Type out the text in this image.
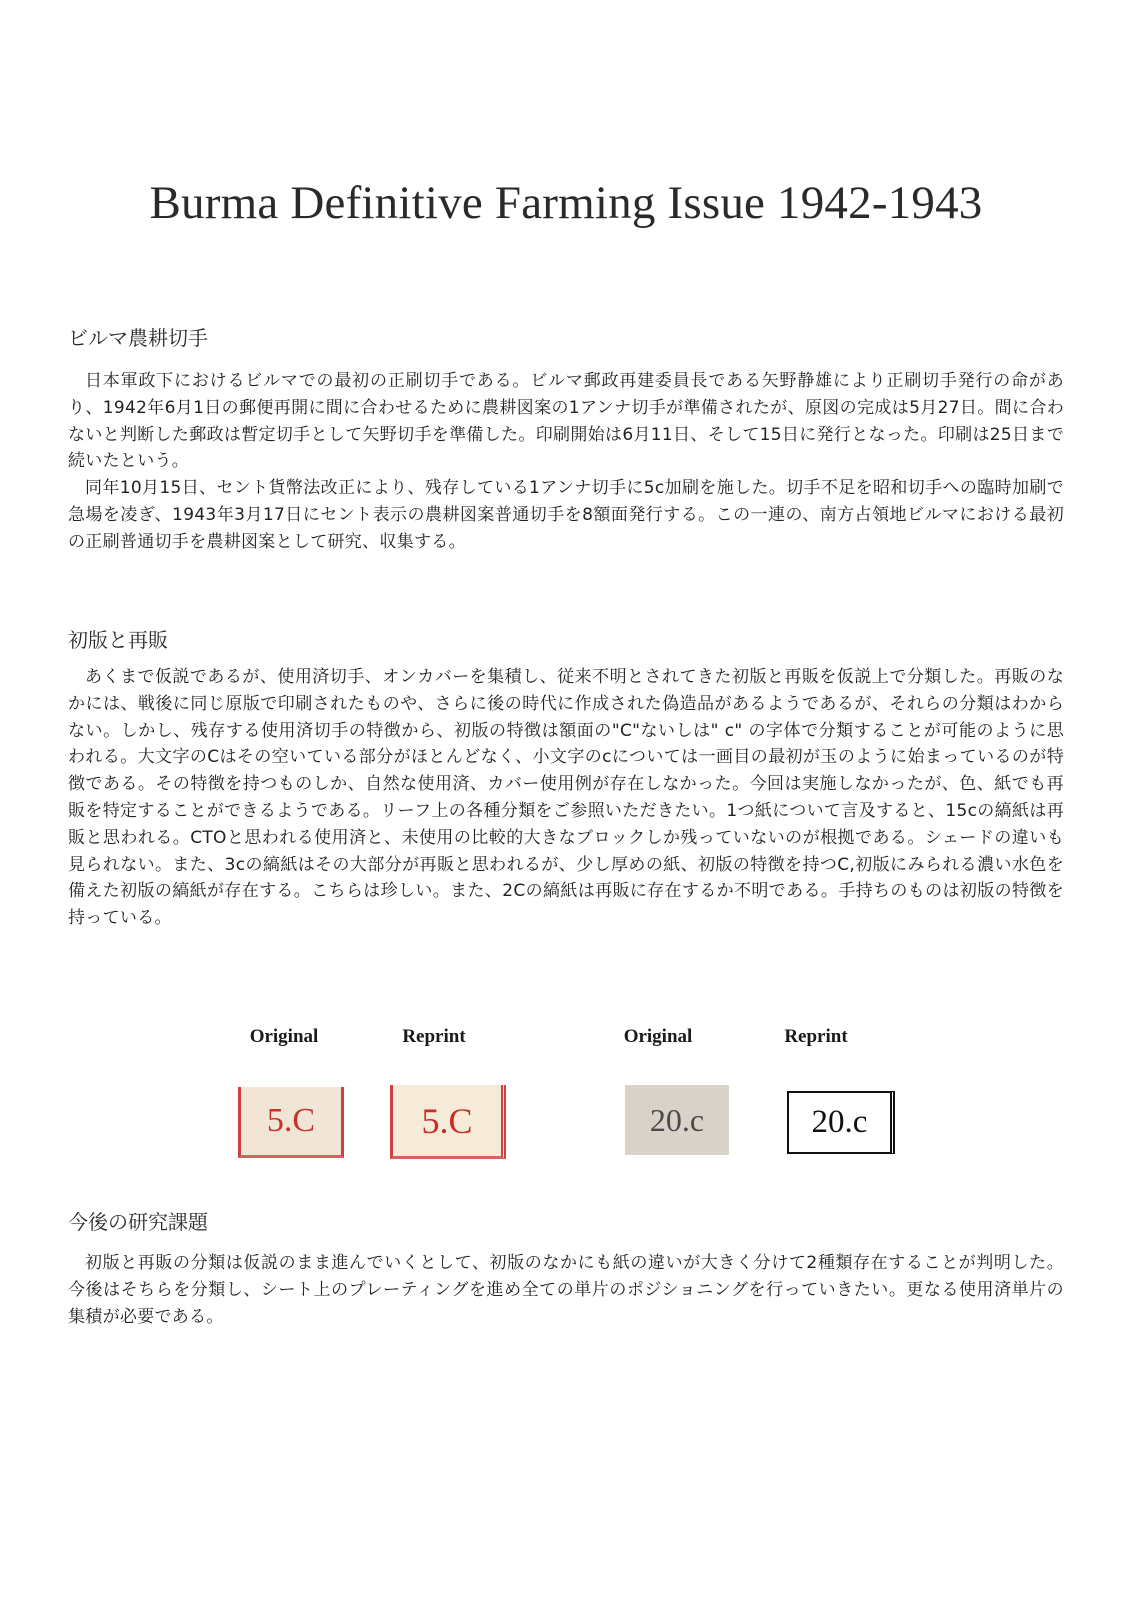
Burma Definitive Farming Issue 1942-1943
ビルマ農耕切手

日本軍政下におけるビルマでの最初の正刷切手である。ビルマ郵政再建委員長である矢野静雄により正刷切手発行の命があり、1942年6月1日の郵便再開に間に合わせるために農耕図案の1アンナ切手が準備されたが、原図の完成は5月27日。間に合わないと判断した郵政は暫定切手として矢野切手を準備した。印刷開始は6月11日、そして15日に発行となった。印刷は25日まで続いたという。

同年10月15日、セント貨幣法改正により、残存している1アンナ切手に5c加刷を施した。切手不足を昭和切手への臨時加刷で急場を凌ぎ、1943年3月17日にセント表示の農耕図案普通切手を8額面発行する。この一連の、南方占領地ビルマにおける最初の正刷普通切手を農耕図案として研究、収集する。

初版と再販

あくまで仮説であるが、使用済切手、オンカバーを集積し、従来不明とされてきた初版と再販を仮説上で分類した。再販のなかには、戦後に同じ原版で印刷されたものや、さらに後の時代に作成された偽造品があるようであるが、それらの分類はわからない。しかし、残存する使用済切手の特徴から、初版の特徴は額面の"C"ないしは" c" の字体で分類することが可能のように思われる。大文字のCはその空いている部分がほとんどなく、小文字のcについては一画目の最初が玉のように始まっているのが特徴である。その特徴を持つものしか、自然な使用済、カバー使用例が存在しなかった。今回は実施しなかったが、色、紙でも再販を特定することができるようである。リーフ上の各種分類をご参照いただきたい。1つ紙について言及すると、15cの縞紙は再販と思われる。CTOと思われる使用済と、未使用の比較的大きなブロックしか残っていないのが根拠である。シェードの違いも見られない。また、3cの縞紙はその大部分が再販と思われるが、少し厚めの紙、初版の特徴を持つC,初版にみられる濃い水色を備えた初版の縞紙が存在する。こちらは珍しい。また、2Cの縞紙は再販に存在するか不明である。手持ちのものは初版の特徴を持っている。

Original	Reprint	Original	Reprint
5.C	5.C	20.c	20.c
今後の研究課題

初版と再販の分類は仮説のまま進んでいくとして、初版のなかにも紙の違いが大きく分けて2種類存在することが判明した。今後はそちらを分類し、シート上のプレーティングを進め全ての単片のポジショニングを行っていきたい。更なる使用済単片の集積が必要である。
